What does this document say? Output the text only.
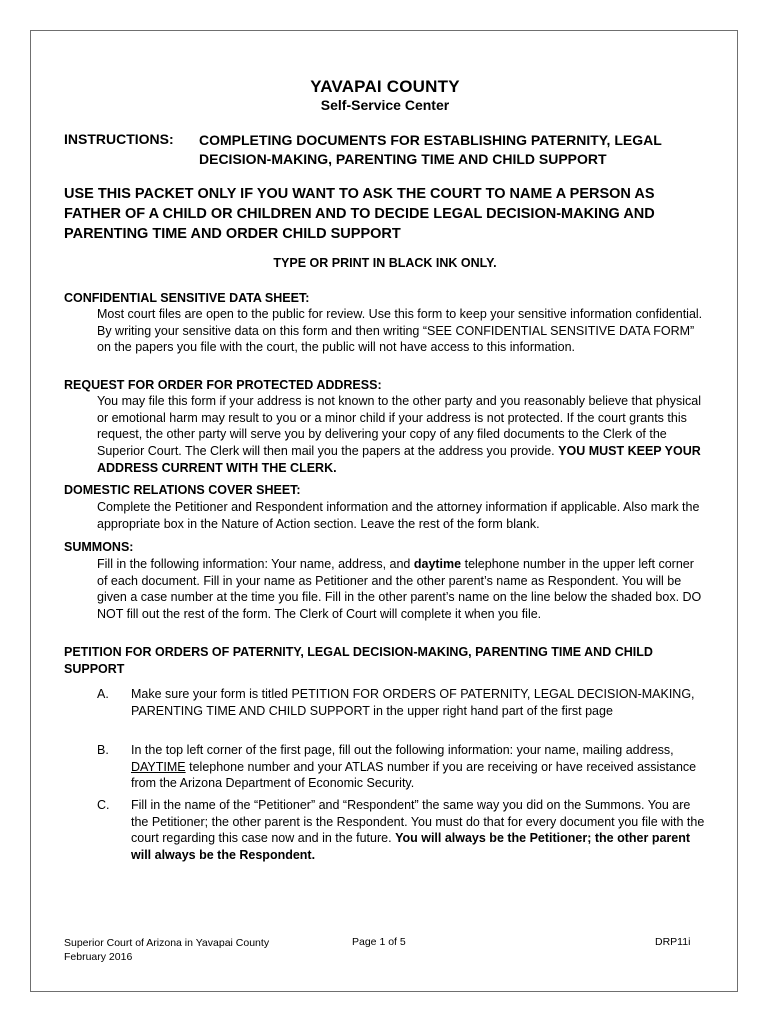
YAVAPAI COUNTY
Self-Service Center
INSTRUCTIONS: COMPLETING DOCUMENTS FOR ESTABLISHING PATERNITY, LEGAL
DECISION-MAKING, PARENTING TIME AND CHILD SUPPORT
USE THIS PACKET ONLY IF YOU WANT TO ASK THE COURT TO NAME A PERSON AS FATHER OF A CHILD OR CHILDREN AND TO DECIDE LEGAL DECISION-MAKING AND PARENTING TIME AND ORDER CHILD SUPPORT
TYPE OR PRINT IN BLACK INK ONLY.
CONFIDENTIAL SENSITIVE DATA SHEET:
Most court files are open to the public for review. Use this form to keep your sensitive information confidential. By writing your sensitive data on this form and then writing “SEE CONFIDENTIAL SENSITIVE DATA FORM” on the papers you file with the court, the public will not have access to this information.
REQUEST FOR ORDER FOR PROTECTED ADDRESS:
You may file this form if your address is not known to the other party and you reasonably believe that physical or emotional harm may result to you or a minor child if your address is not protected. If the court grants this request, the other party will serve you by delivering your copy of any filed documents to the Clerk of the Superior Court. The Clerk will then mail you the papers at the address you provide. YOU MUST KEEP YOUR ADDRESS CURRENT WITH THE CLERK.
DOMESTIC RELATIONS COVER SHEET:
Complete the Petitioner and Respondent information and the attorney information if applicable. Also mark the appropriate box in the Nature of Action section. Leave the rest of the form blank.
SUMMONS:
Fill in the following information: Your name, address, and daytime telephone number in the upper left corner of each document. Fill in your name as Petitioner and the other parent’s name as Respondent. You will be given a case number at the time you file. Fill in the other parent’s name on the line below the shaded box. DO NOT fill out the rest of the form. The Clerk of Court will complete it when you file.
PETITION FOR ORDERS OF PATERNITY, LEGAL DECISION-MAKING, PARENTING TIME AND CHILD SUPPORT
A.	Make sure your form is titled PETITION FOR ORDERS OF PATERNITY, LEGAL DECISION-MAKING, PARENTING TIME AND CHILD SUPPORT in the upper right hand part of the first page
B.	In the top left corner of the first page, fill out the following information: your name, mailing address, DAYTIME telephone number and your ATLAS number if you are receiving or have received assistance from the Arizona Department of Economic Security.
C.	Fill in the name of the “Petitioner” and “Respondent” the same way you did on the Summons. You are the Petitioner; the other parent is the Respondent. You must do that for every document you file with the court regarding this case now and in the future. You will always be the Petitioner; the other parent will always be the Respondent.
Superior Court of Arizona in Yavapai County
February 2016
Page 1 of 5	DRP11i
